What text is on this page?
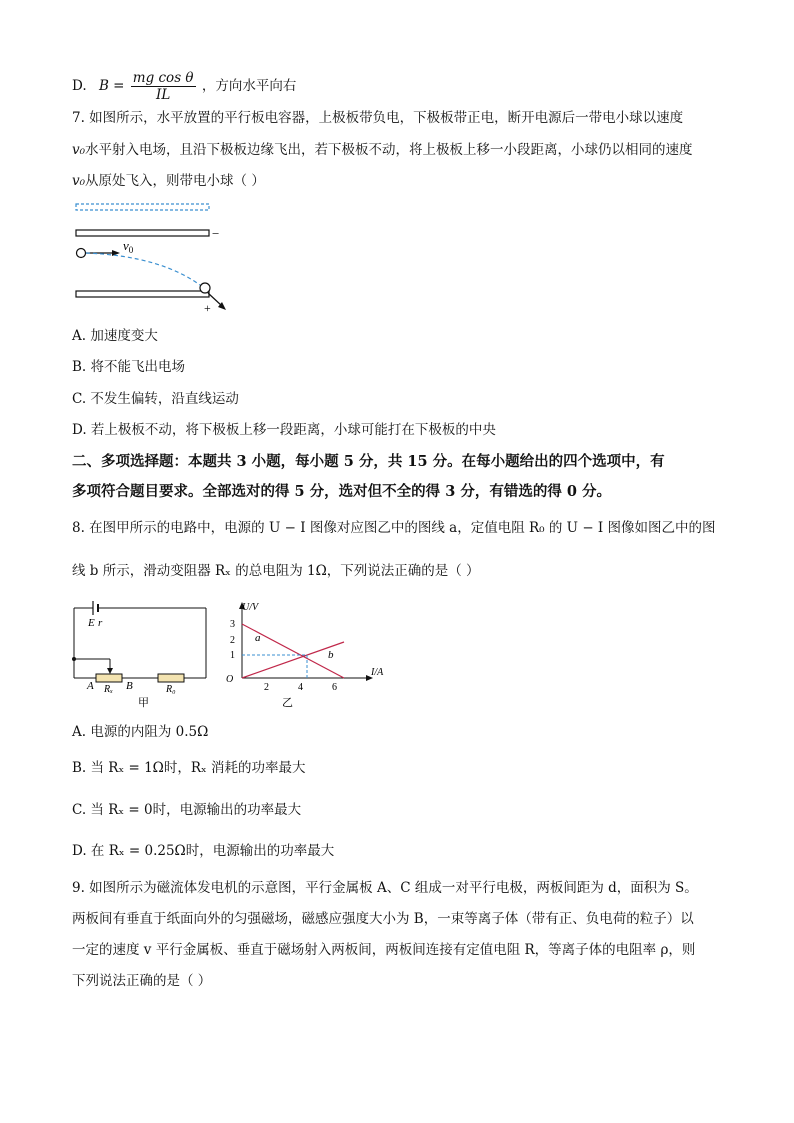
D. $B = \frac{\text{mg cos θ}}{IL}$ ，方向水平向右
7. 如图所示，水平放置的平行板电容器，上极板带负电，下极板带正电，断开电源后一带电小球以速度
v₀水平射入电场，且沿下极板边缘飞出，若下极板不动，将上极板上移一小段距离，小球仍以相同的速度
v₀从原处飞入，则带电小球（ ）
−
$v_0$
+
A. 加速度变大
B. 将不能飞出电场
C. 不发生偏转，沿直线运动
D. 若上极板不动，将下极板上移一段距离，小球可能打在下极板的中央
二、多项选择题：本题共 3 小题，每小题 5 分，共 15 分。在每小题给出的四个选项中，有
多项符合题目要求。全部选对的得 5 分，选对但不全的得 3 分，有错选的得 0 分。
8. 在图甲所示的电路中，电源的 U − I 图像对应图乙中的图线 a，定值电阻 R₀ 的 U − I 图像如图乙中的图
线 b 所示，滑动变阻器 Rₓ 的总电阻为 1Ω，下列说法正确的是（ ）
E r
A	B
Rₓ	R₀
甲
U/V
I/A
O
3
2
1
2	4	6
a
b
乙
A. 电源的内阻为 0.5Ω
B. 当 Rₓ = 1Ω时，Rₓ 消耗的功率最大
C. 当 Rₓ = 0时，电源输出的功率最大
D. 在 Rₓ = 0.25Ω时，电源输出的功率最大
9. 如图所示为磁流体发电机的示意图，平行金属板 A、C 组成一对平行电极，两板间距为 d，面积为 S。
两板间有垂直于纸面向外的匀强磁场，磁感应强度大小为 B，一束等离子体（带有正、负电荷的粒子）以
一定的速度 v 平行金属板、垂直于磁场射入两板间，两板间连接有定值电阻 R，等离子体的电阻率 ρ，则
下列说法正确的是（ ）
